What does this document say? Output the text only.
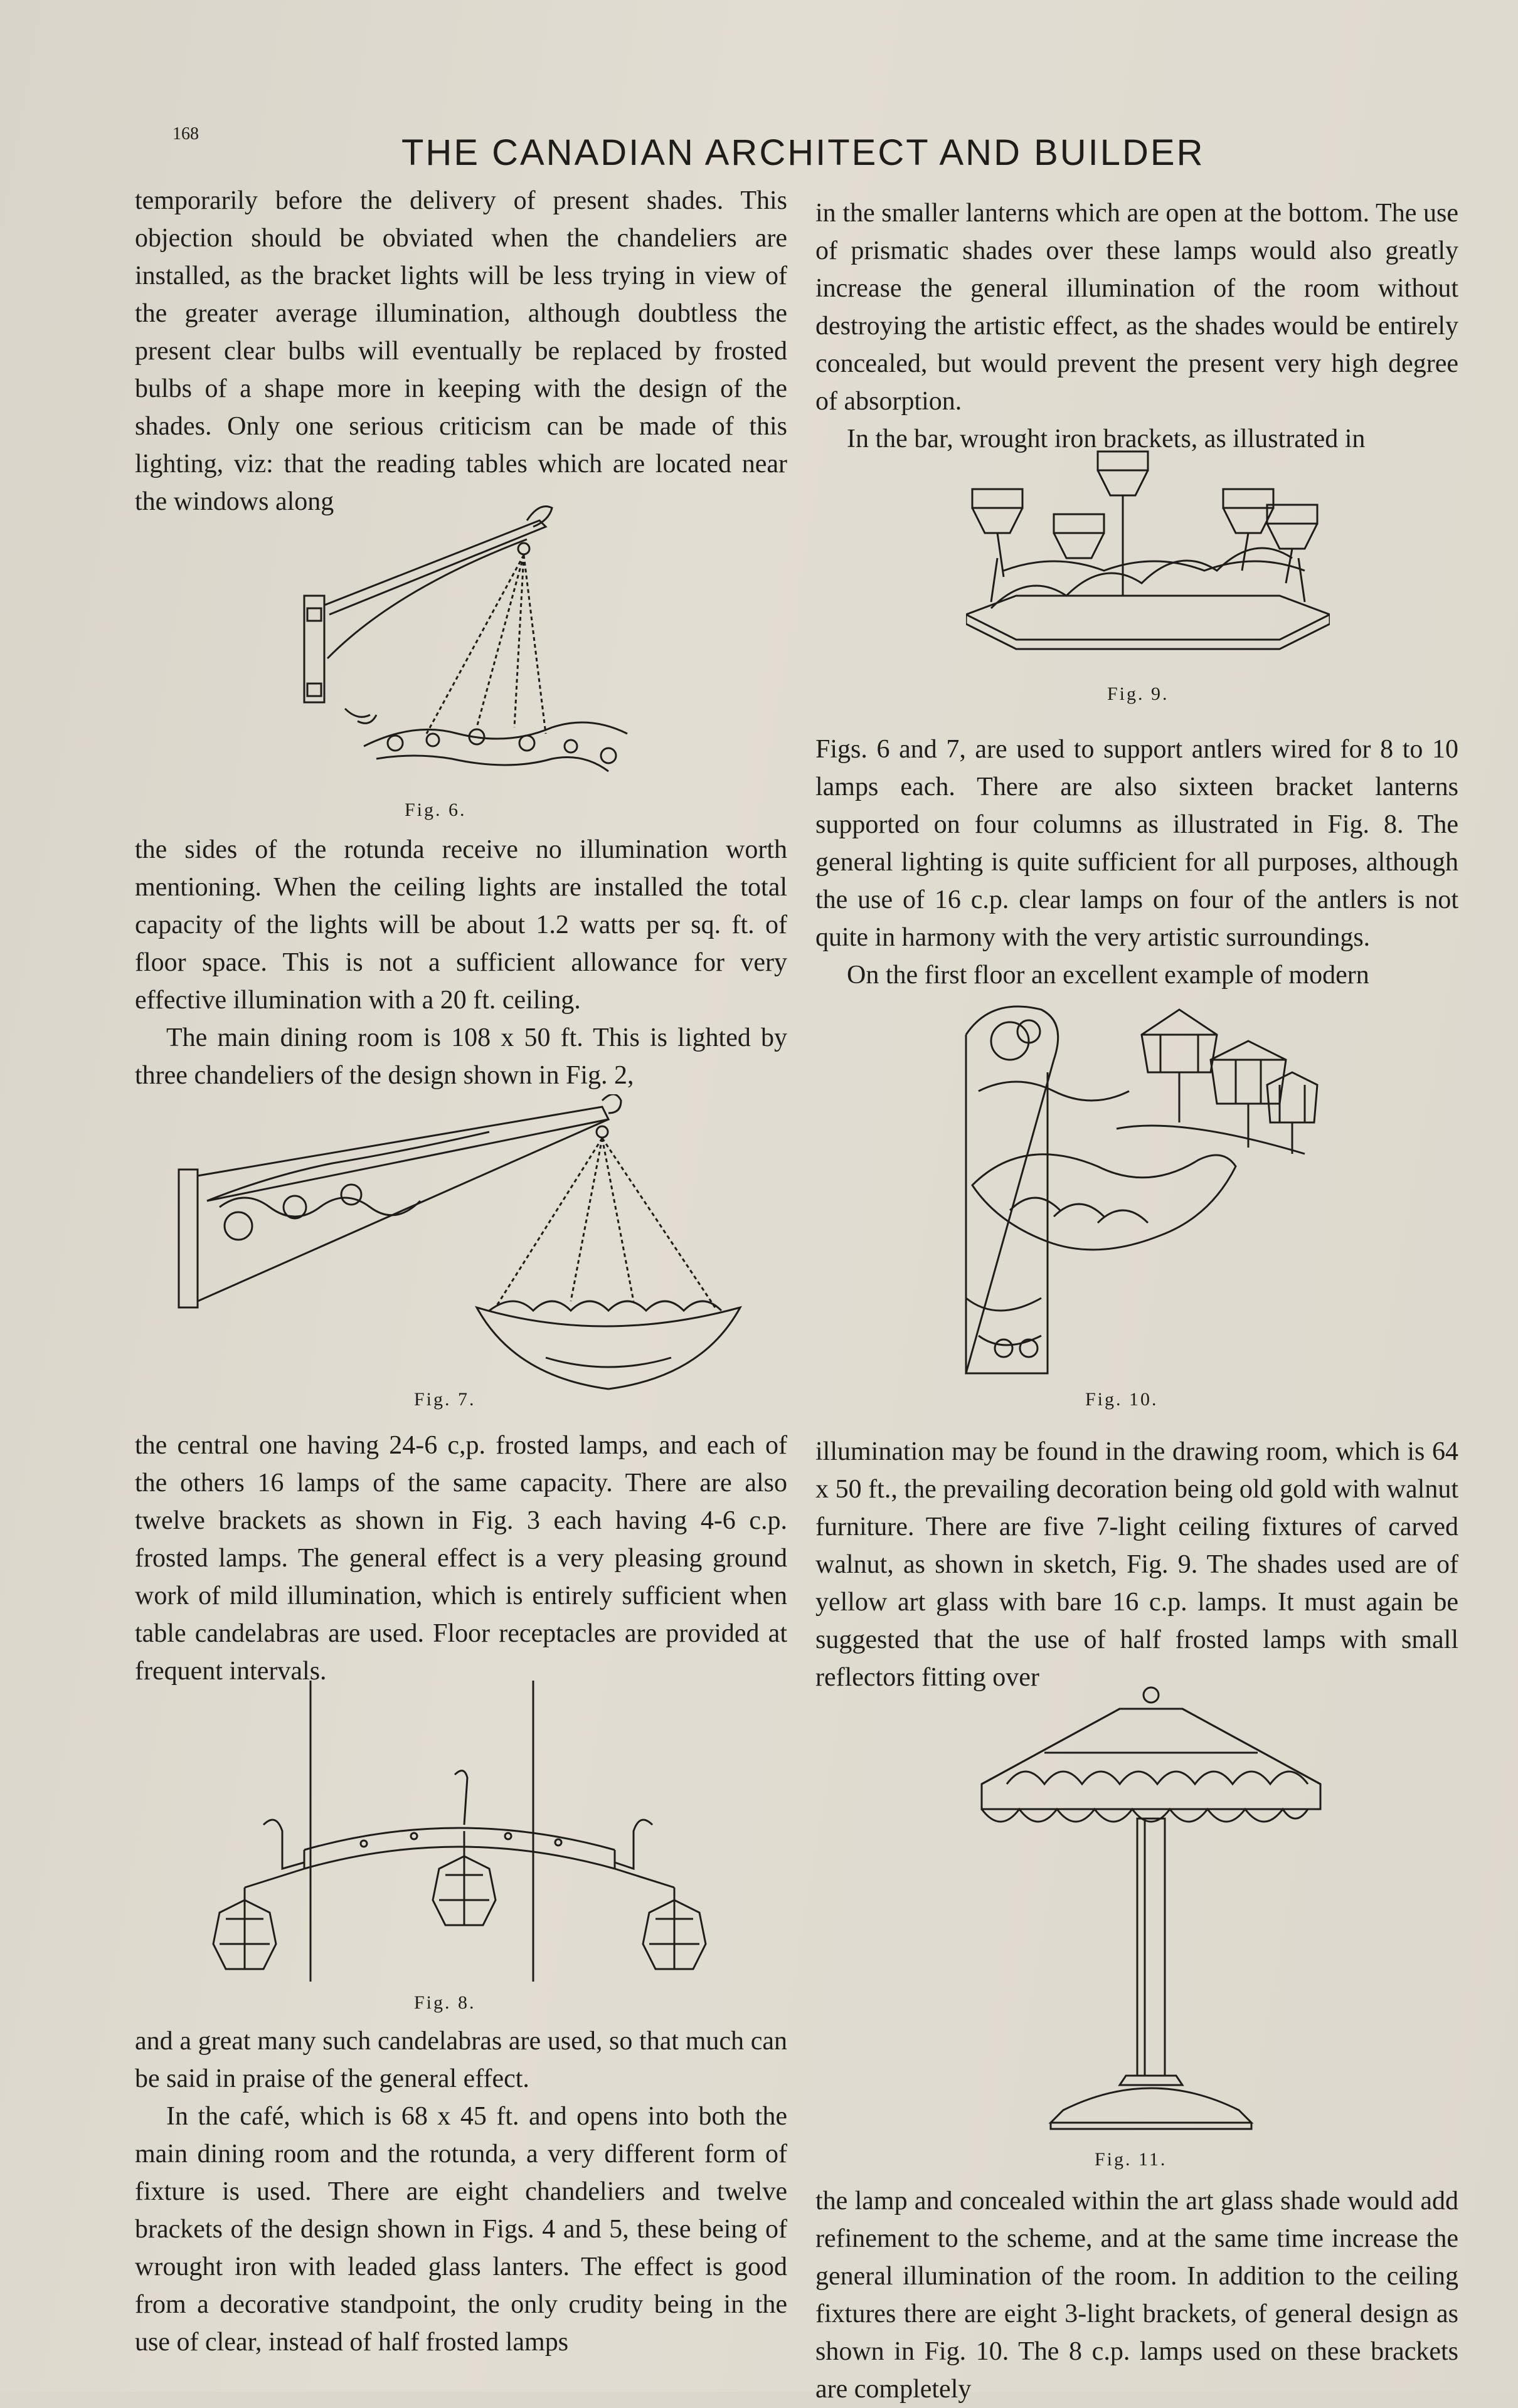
168	THE CANADIAN ARCHITECT AND BUILDER

temporarily before the delivery of present shades. This objection should be obviated when the chandeliers are installed, as the bracket lights will be less trying in view of the greater average illumination, although doubtless the present clear bulbs will eventually be replaced by frosted bulbs of a shape more in keeping with the design of the shades. Only one serious criticism can be made of this lighting, viz: that the reading tables which are located near the windows along

the sides of the rotunda receive no illumination worth mentioning. When the ceiling lights are installed the total capacity of the lights will be about 1.2 watts per sq. ft. of floor space. This is not a sufficient allowance for very effective illumination with a 20 ft. ceiling.

The main dining room is 108 x 50 ft. This is lighted by three chandeliers of the design shown in Fig. 2,

the central one having 24-6 c,p. frosted lamps, and each of the others 16 lamps of the same capacity. There are also twelve brackets as shown in Fig. 3 each having 4-6 c.p. frosted lamps. The general effect is a very pleasing ground work of mild illumination, which is entirely sufficient when table candelabras are used. Floor receptacles are provided at frequent intervals.

and a great many such candelabras are used, so that much can be said in praise of the general effect.

In the café, which is 68 x 45 ft. and opens into both the main dining room and the rotunda, a very different form of fixture is used. There are eight chandeliers and twelve brackets of the design shown in Figs. 4 and 5, these being of wrought iron with leaded glass lanters. The effect is good from a decorative standpoint, the only crudity being in the use of clear, instead of half frosted lamps

in the smaller lanterns which are open at the bottom. The use of prismatic shades over these lamps would also greatly increase the general illumination of the room without destroying the artistic effect, as the shades would be entirely concealed, but would prevent the present very high degree of absorption.

In the bar, wrought iron brackets, as illustrated in

Figs. 6 and 7, are used to support antlers wired for 8 to 10 lamps each. There are also sixteen bracket lanterns supported on four columns as illustrated in Fig. 8. The general lighting is quite sufficient for all purposes, although the use of 16 c.p. clear lamps on four of the antlers is not quite in harmony with the very artistic surroundings.

On the first floor an excellent example of modern

illumination may be found in the drawing room, which is 64 x 50 ft., the prevailing decoration being old gold with walnut furniture. There are five 7-light ceiling fixtures of carved walnut, as shown in sketch, Fig. 9. The shades used are of yellow art glass with bare 16 c.p. lamps. It must again be suggested that the use of half frosted lamps with small reflectors fitting over

the lamp and concealed within the art glass shade would add refinement to the scheme, and at the same time increase the general illumination of the room. In addition to the ceiling fixtures there are eight 3-light brackets, of general design as shown in Fig. 10. The 8 c.p. lamps used on these brackets are completely

Fig. 6.
Fig. 7.
Fig. 8.
Fig. 9.
Fig. 10.
Fig. 11.
